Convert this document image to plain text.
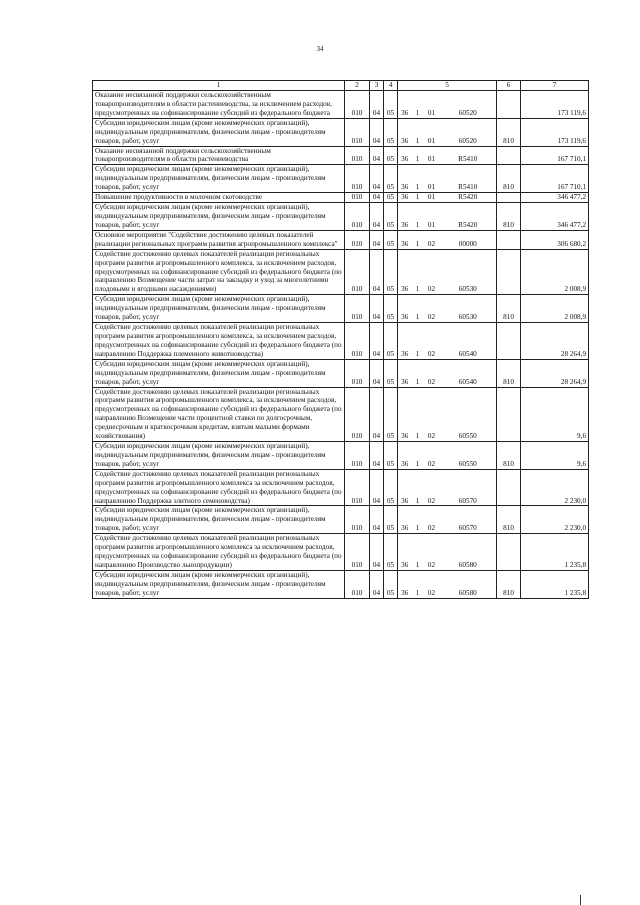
34
1	2	3	4	5				6	7
Оказание несвязанной поддержки сельскохозяйственным товаропроизводителям в области растениеводства, за исключением расходов, предусмотренных на софинансирование субсидий из федерального бюджета	010	04	05	36	1	01	60520		173 119,6
Субсидии юридическим лицам (кроме некоммерческих организаций), индивидуальным предпринимателям, физическим лицам - производителям товаров, работ, услуг	010	04	05	36	1	01	60520	810	173 119,6
Оказание несвязанной поддержки сельскохозяйственным товаропроизводителям в области растениеводства	010	04	05	36	1	01	R5410		167 710,1
Субсидии юридическим лицам (кроме некоммерческих организаций), индивидуальным предпринимателям, физическим лицам - производителям товаров, работ, услуг	010	04	05	36	1	01	R5410	810	167 710,1
Повышение продуктивности в молочном скотоводстве	010	04	05	36	1	01	R5420		346 477,2
Субсидии юридическим лицам (кроме некоммерческих организаций), индивидуальным предпринимателям, физическим лицам - производителям товаров, работ, услуг	010	04	05	36	1	01	R5420	810	346 477,2
Основное мероприятие "Содействие достижению целевых показателей реализации региональных программ развития агропромышленного комплекса"	010	04	05	36	1	02	00000		306 680,2
Содействие достижению целевых показателей реализации региональных программ развития агропромышленного комплекса, за исключением расходов, предусмотренных на софинансирование субсидий из федерального бюджета (по направлению Возмещение части затрат на закладку и уход за многолетними плодовыми и ягодными насаждениями)	010	04	05	36	1	02	60530		2 008,9
Субсидии юридическим лицам (кроме некоммерческих организаций), индивидуальным предпринимателям, физическим лицам - производителям товаров, работ, услуг	010	04	05	36	1	02	60530	810	2 008,9
Содействие достижению целевых показателей реализации региональных программ развития агропромышленного комплекса, за исключением расходов, предусмотренных на софинансирование субсидий из федерального бюджета (по направлению Поддержка племенного животноводства)	010	04	05	36	1	02	60540		28 264,9
Субсидии юридическим лицам (кроме некоммерческих организаций), индивидуальным предпринимателям, физическим лицам - производителям товаров, работ, услуг	010	04	05	36	1	02	60540	810	28 264,9
Содействие достижению целевых показателей реализации региональных программ развития агропромышленного комплекса, за исключением расходов, предусмотренных на софинансирование субсидий из федерального бюджета (по направлению Возмещение части процентной ставки по долгосрочным, среднесрочным и краткосрочным кредитам, взятым малыми формами хозяйствования)	010	04	05	36	1	02	60550		9,6
Субсидии юридическим лицам (кроме некоммерческих организаций), индивидуальным предпринимателям, физическим лицам - производителям товаров, работ, услуг	010	04	05	36	1	02	60550	810	9,6
Содействие достижению целевых показателей реализации региональных программ развития агропромышленного комплекса за исключением расходов, предусмотренных на софинансирование субсидий из федерального бюджета (по направлению Поддержка элитного семеноводства)	010	04	05	36	1	02	60570		2 230,0
Субсидии юридическим лицам (кроме некоммерческих организаций), индивидуальным предпринимателям, физическим лицам - производителям товаров, работ, услуг	010	04	05	36	1	02	60570	810	2 230,0
Содействие достижению целевых показателей реализации региональных программ развития агропромышленного комплекса за исключением расходов, предусмотренных на софинансирование субсидий из федерального бюджета (по направлению Производство льнопродукции)	010	04	05	36	1	02	60580		1 235,8
Субсидии юридическим лицам (кроме некоммерческих организаций), индивидуальным предпринимателям, физическим лицам - производителям товаров, работ, услуг	010	04	05	36	1	02	60580	810	1 235,8
